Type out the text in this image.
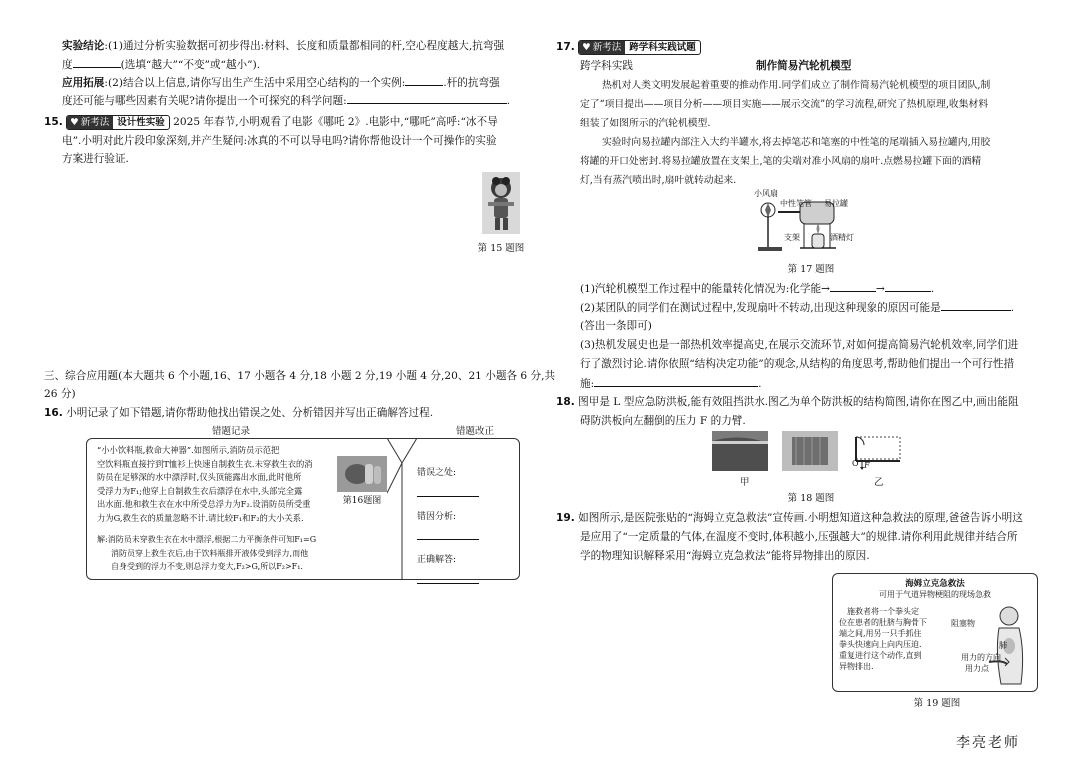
实验结论:(1)通过分析实验数据可初步得出:材料、长度和质量都相同的杆,空心程度越大,抗弯强
度	(选填“越大”“不变”或“越小”).
应用拓展:(2)结合以上信息,请你写出生产生活中采用空心结构的一个实例:	.杆的抗弯强
度还可能与哪些因素有关呢?请你提出一个可探究的科学问题:	.
15. ♥ 新考法 设计性实验 2025 年春节,小明观看了电影《哪吒 2》.电影中,“哪吒”高呼:“冰不导
电”.小明对此片段印象深刻,并产生疑问:冰真的不可以导电吗?请你帮他设计一个可操作的实验
方案进行验证.
第 15 题图
三、综合应用题(本大题共 6 个小题,16、17 小题各 4 分,18 小题 2 分,19 小题 4 分,20、21 小题各 6 分,共
26 分)
16. 小明记录了如下错题,请你帮助他找出错误之处、分析错因并写出正确解答过程.
错题记录	错题改正
“小小饮料瓶,救命大神器”.如图所示,消防员示范把
空饮料瓶直接拧到T恤衫上快速自制救生衣.未穿救生衣的消
防员在足够深的水中漂浮时,仅头顶能露出水面,此时他所
受浮力为F₁;他穿上自制救生衣后漂浮在水中,头部完全露
出水面.他和救生衣在水中所受总浮力为F₂.设消防员所受重
力为G,救生衣的质量忽略不计.请比较F₁和F₂的大小关系.
第16题图
解:消防员未穿救生衣在水中漂浮,根据二力平衡条件可知F₁=G
消防员穿上救生衣后,由于饮料瓶排开液体受到浮力,而他
自身受到的浮力不变,则总浮力变大,F₂>G,所以F₂>F₁.
错误之处:
错因分析:
正确解答:
17. ♥ 新考法 跨学科实践试题
跨学科实践	制作简易汽轮机模型
热机对人类文明发展起着重要的推动作用.同学们成立了制作简易汽轮机模型的项目团队,制
定了“项目提出——项目分析——项目实施——展示交流”的学习流程,研究了热机原理,收集材料
组装了如图所示的汽轮机模型.
实验时向易拉罐内部注入大约半罐水,将去掉笔芯和笔塞的中性笔的尾端插入易拉罐内,用胶
将罐的开口处密封.将易拉罐放置在支架上,笔的尖端对准小风扇的扇叶.点燃易拉罐下面的酒精
灯,当有蒸汽喷出时,扇叶就转动起来.
小风扇
中性笔管 易拉罐
支架	酒精灯
第 17 题图
(1)汽轮机模型工作过程中的能量转化情况为:化学能→	→	.
(2)某团队的同学们在测试过程中,发现扇叶不转动,出现这种现象的原因可能是	.
(答出一条即可)
(3)热机发展史也是一部热机效率提高史,在展示交流环节,对如何提高简易汽轮机效率,同学们进
行了激烈讨论.请你依照“结构决定功能”的观念,从结构的角度思考,帮助他们提出一个可行性措
施:	.
18. 图甲是 L 型应急防洪板,能有效阻挡洪水.图乙为单个防洪板的结构简图,请你在图乙中,画出能阻
碍防洪板向左翻倒的压力 F 的力臂.
O F
甲	乙
第 18 题图
19. 如图所示,是医院张贴的“海姆立克急救法”宣传画.小明想知道这种急救法的原理,爸爸告诉小明这
是应用了“一定质量的气体,在温度不变时,体积越小,压强越大”的规律.请你利用此规律并结合所
学的物理知识解释采用“海姆立克急救法”能将异物排出的原因.
海姆立克急救法
可用于气道异物梗阻的现场急救
施救者将一个拳头定
位在患者的肚脐与胸骨下
端之间,用另一只手抓住
拳头快速向上向内压迫.
重复进行这个动作,直到
异物排出.
阻塞物
肺
用力的方向
用力点
第 19 题图
李亮老师
